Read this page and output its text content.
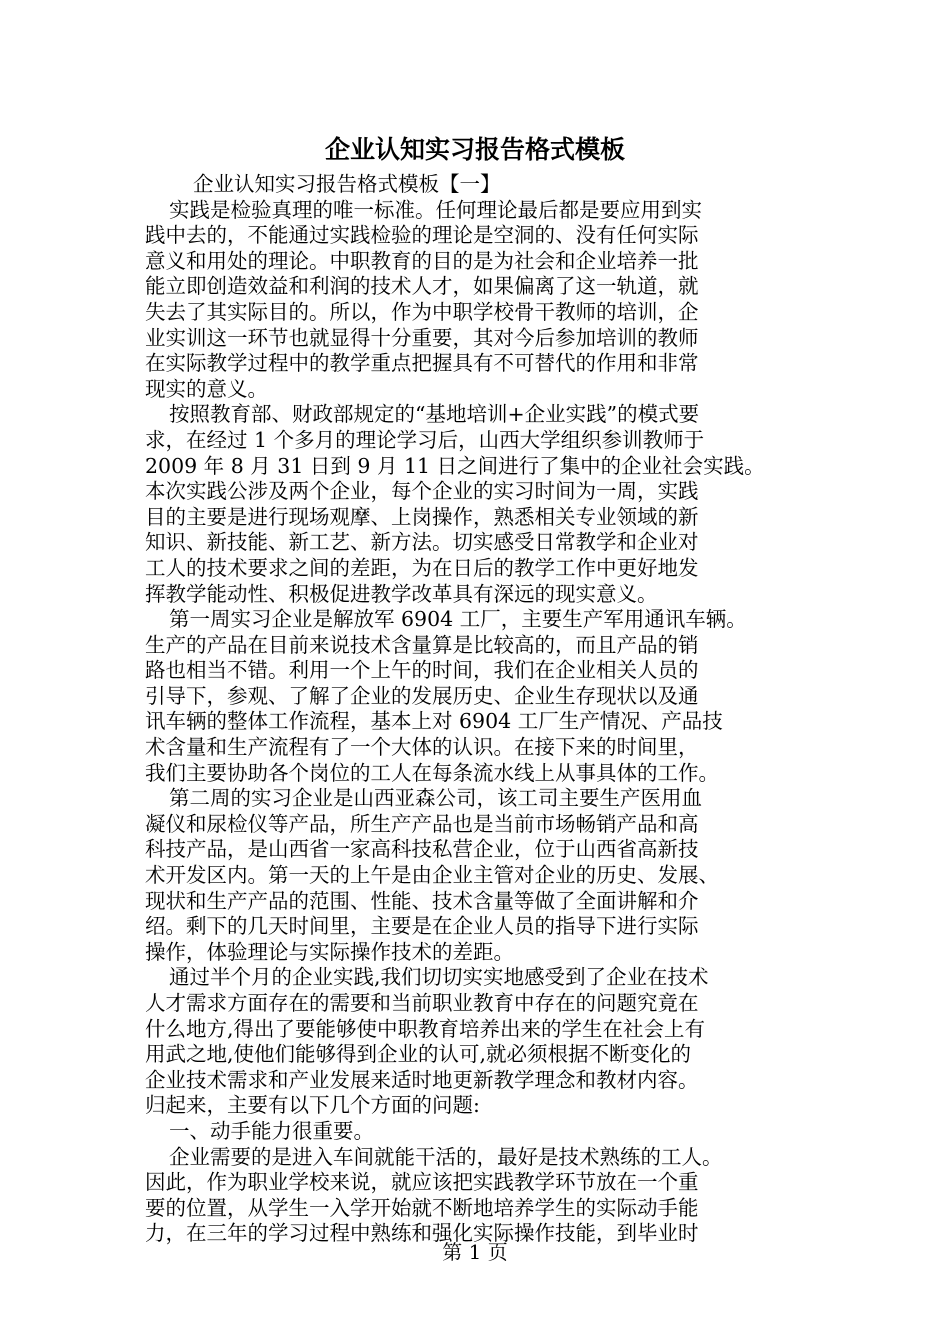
企业认知实习报告格式模板

企业认知实习报告格式模板【一】

实践是检验真理的唯一标准。任何理论最后都是要应用到实

践中去的，不能通过实践检验的理论是空洞的、没有任何实际

意义和用处的理论。中职教育的目的是为社会和企业培养一批

能立即创造效益和利润的技术人才，如果偏离了这一轨道，就

失去了其实际目的。所以，作为中职学校骨干教师的培训，企

业实训这一环节也就显得十分重要，其对今后参加培训的教师

在实际教学过程中的教学重点把握具有不可替代的作用和非常

现实的意义。

按照教育部、财政部规定的“基地培训+企业实践”的模式要

求，在经过 1 个多月的理论学习后，山西大学组织参训教师于

2009 年 8 月 31 日到 9 月 11 日之间进行了集中的企业社会实践。

本次实践公涉及两个企业，每个企业的实习时间为一周，实践

目的主要是进行现场观摩、上岗操作，熟悉相关专业领域的新

知识、新技能、新工艺、新方法。切实感受日常教学和企业对

工人的技术要求之间的差距，为在日后的教学工作中更好地发

挥教学能动性、积极促进教学改革具有深远的现实意义。

第一周实习企业是解放军 6904 工厂，主要生产军用通讯车辆。

生产的产品在目前来说技术含量算是比较高的，而且产品的销

路也相当不错。利用一个上午的时间，我们在企业相关人员的

引导下，参观、了解了企业的发展历史、企业生存现状以及通

讯车辆的整体工作流程，基本上对 6904 工厂生产情况、产品技

术含量和生产流程有了一个大体的认识。在接下来的时间里，

我们主要协助各个岗位的工人在每条流水线上从事具体的工作。

第二周的实习企业是山西亚森公司，该工司主要生产医用血

凝仪和尿检仪等产品，所生产产品也是当前市场畅销产品和高

科技产品，是山西省一家高科技私营企业，位于山西省高新技

术开发区内。第一天的上午是由企业主管对企业的历史、发展、

现状和生产产品的范围、性能、技术含量等做了全面讲解和介

绍。剩下的几天时间里，主要是在企业人员的指导下进行实际

操作，体验理论与实际操作技术的差距。

通过半个月的企业实践,我们切切实实地感受到了企业在技术

人才需求方面存在的需要和当前职业教育中存在的问题究竟在

什么地方,得出了要能够使中职教育培养出来的学生在社会上有

用武之地,使他们能够得到企业的认可,就必须根据不断变化的

企业技术需求和产业发展来适时地更新教学理念和教材内容。

归起来，主要有以下几个方面的问题:

一、动手能力很重要。

企业需要的是进入车间就能干活的，最好是技术熟练的工人。

因此，作为职业学校来说，就应该把实践教学环节放在一个重

要的位置，从学生一入学开始就不断地培养学生的实际动手能

力，在三年的学习过程中熟练和强化实际操作技能，到毕业时

第 1 页
